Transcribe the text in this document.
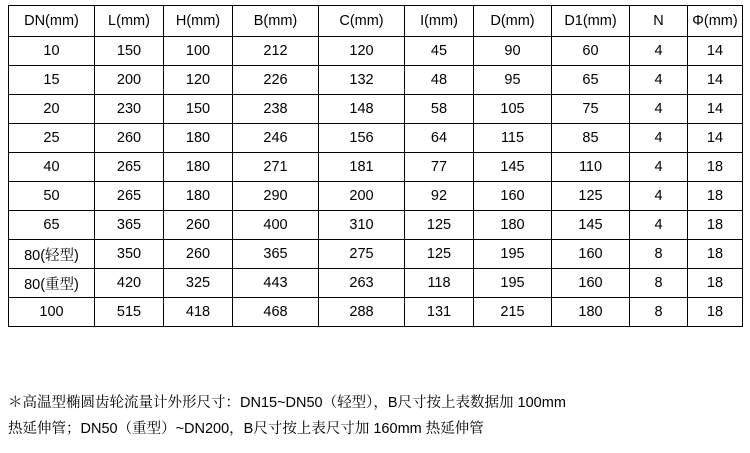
DN(mm)	L(mm)	H(mm)	B(mm)	C(mm)	I(mm)	D(mm)	D1(mm)	N	Φ(mm)
10	150	100	212	120	45	90	60	4	14
15	200	120	226	132	48	95	65	4	14
20	230	150	238	148	58	105	75	4	14
25	260	180	246	156	64	115	85	4	14
40	265	180	271	181	77	145	110	4	18
50	265	180	290	200	92	160	125	4	18
65	365	260	400	310	125	180	145	4	18
80(轻型)	350	260	365	275	125	195	160	8	18
80(重型)	420	325	443	263	118	195	160	8	18
100	515	418	468	288	131	215	180	8	18
＊高温型椭圆齿轮流量计外形尺寸：DN15~DN50（轻型），B尺寸按上表数据加 100mm
热延伸管；DN50（重型）~DN200，B尺寸按上表尺寸加 160mm 热延伸管
